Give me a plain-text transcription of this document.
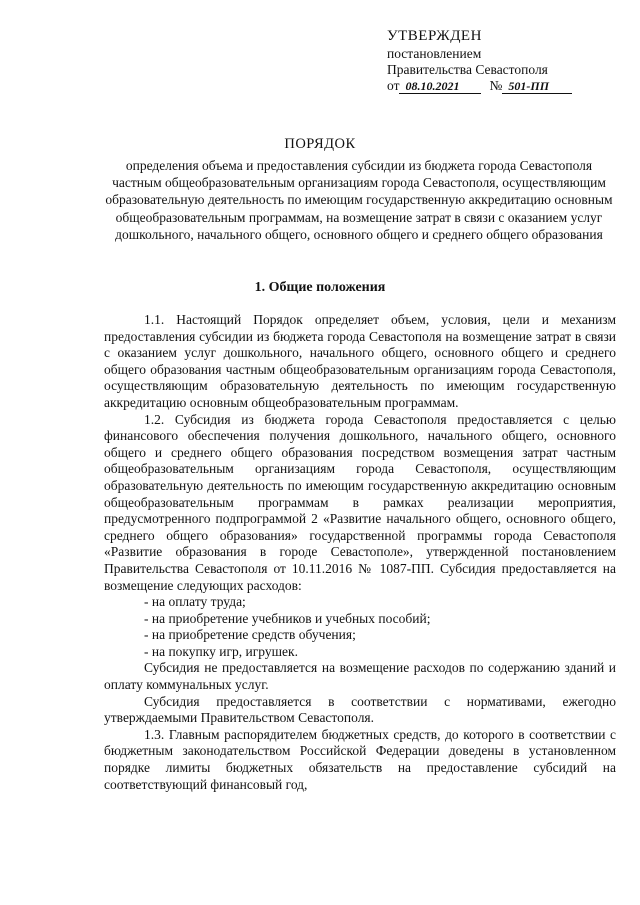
УТВЕРЖДЕН
постановлением
Правительства Севастополя
от 08.10.2021	№ 501-ПП
ПОРЯДОК
определения объема и предоставления субсидии из бюджета города Севастополя частным общеобразовательным организациям города Севастополя, осуществляющим образовательную деятельность по имеющим государственную аккредитацию основным общеобразовательным программам, на возмещение затрат в связи с оказанием услуг дошкольного, начального общего, основного общего и среднего общего образования
1. Общие положения

1.1. Настоящий Порядок определяет объем, условия, цели и механизм предоставления субсидии из бюджета города Севастополя на возмещение затрат в связи с оказанием услуг дошкольного, начального общего, основного общего и среднего общего образования частным общеобразовательным организациям города Севастополя, осуществляющим образовательную деятельность по имеющим государственную аккредитацию основным общеобразовательным программам.

1.2. Субсидия из бюджета города Севастополя предоставляется с целью финансового обеспечения получения дошкольного, начального общего, основного общего и среднего общего образования посредством возмещения затрат частным общеобразовательным организациям города Севастополя, осуществляющим образовательную деятельность по имеющим государственную аккредитацию основным общеобразовательным программам в рамках реализации мероприятия, предусмотренного подпрограммой 2 «Развитие начального общего, основного общего, среднего общего образования» государственной программы города Севастополя «Развитие образования в городе Севастополе», утвержденной постановлением Правительства Севастополя от 10.11.2016 № 1087-ПП. Субсидия предоставляется на возмещение следующих расходов:

- на оплату труда;

- на приобретение учебников и учебных пособий;

- на приобретение средств обучения;

- на покупку игр, игрушек.

Субсидия не предоставляется на возмещение расходов по содержанию зданий и оплату коммунальных услуг.

Субсидия предоставляется в соответствии с нормативами, ежегодно утверждаемыми Правительством Севастополя.

1.3. Главным распорядителем бюджетных средств, до которого в соответствии с бюджетным законодательством Российской Федерации доведены в установленном порядке лимиты бюджетных обязательств на предоставление субсидий на соответствующий финансовый год,
